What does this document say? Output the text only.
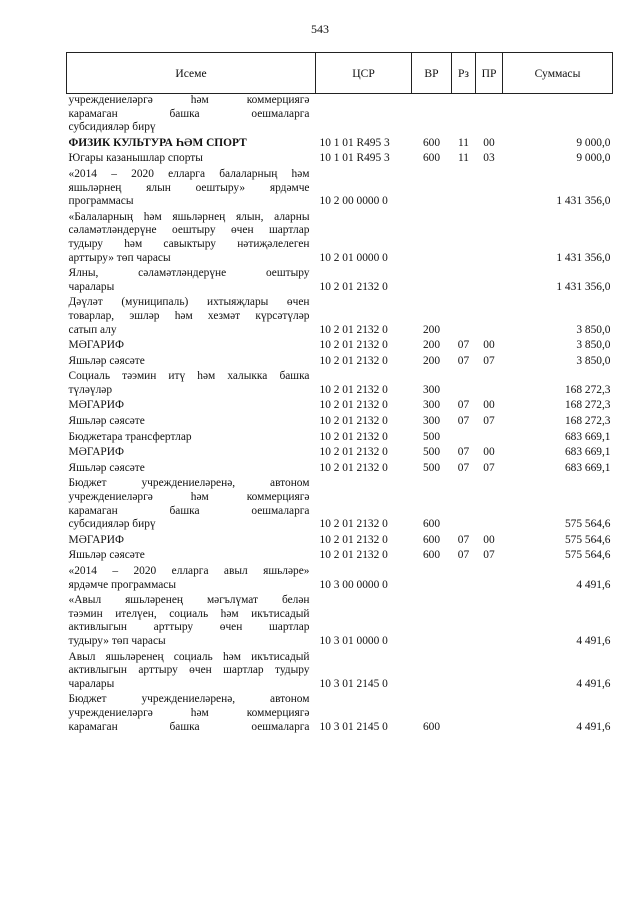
543
Исеме	ЦСР	ВР	Рз	ПР	Суммасы

учреждениеләргә һәм коммерциягә
карамаган башка оешмаларга
субсидияләр бирү					

ФИЗИК КУЛЬТУРА ҺӘМ СПОРТ	10 1 01 R495 3	600	11	00	9 000,0

Югары казанышлар спорты	10 1 01 R495 3	600	11	03	9 000,0

«2014 – 2020 елларга балаларның һәм
яшьләрнең ялын оештыру» ярдәмче
программасы	10 2 00 0000 0				1 431 356,0

«Балаларның һәм яшьләрнең ялын, аларны
сәламәтләндерүне оештыру өчен шартлар
тудыру һәм савыктыру нәтиҗәлелеген
арттыру» төп чарасы	10 2 01 0000 0				1 431 356,0

Ялны, сәламәтләндерүне оештыру
чаралары	10 2 01 2132 0				1 431 356,0

Дәүләт (муниципаль) ихтыяҗлары өчен
товарлар, эшләр һәм хезмәт күрсәтүләр
сатып алу	10 2 01 2132 0	200			3 850,0

МӘГАРИФ	10 2 01 2132 0	200	07	00	3 850,0

Яшьләр сәясәте	10 2 01 2132 0	200	07	07	3 850,0

Социаль тәэмин итү һәм халыкка башка
түләүләр	10 2 01 2132 0	300			168 272,3

МӘГАРИФ	10 2 01 2132 0	300	07	00	168 272,3

Яшьләр сәясәте	10 2 01 2132 0	300	07	07	168 272,3

Бюджетара трансфертлар	10 2 01 2132 0	500			683 669,1

МӘГАРИФ	10 2 01 2132 0	500	07	00	683 669,1

Яшьләр сәясәте	10 2 01 2132 0	500	07	07	683 669,1

Бюджет учреждениеләренә, автоном
учреждениеләргә һәм коммерциягә
карамаган башка оешмаларга
субсидияләр бирү	10 2 01 2132 0	600			575 564,6

МӘГАРИФ	10 2 01 2132 0	600	07	00	575 564,6

Яшьләр сәясәте	10 2 01 2132 0	600	07	07	575 564,6

«2014 – 2020 елларга авыл яшьләре»
ярдәмче программасы	10 3 00 0000 0				4 491,6

«Авыл яшьләренең мәгълүмат белән
тәэмин ителүен, социаль һәм икътисадый
активлыгын арттыру өчен шартлар
тудыру» төп чарасы	10 3 01 0000 0				4 491,6

Авыл яшьләренең социаль һәм икътисадый
активлыгын арттыру өчен шартлар тудыру
чаралары	10 3 01 2145 0				4 491,6

Бюджет учреждениеләренә, автоном
учреждениеләргә һәм коммерциягә
карамаган башка оешмаларга	10 3 01 2145 0	600			4 491,6
